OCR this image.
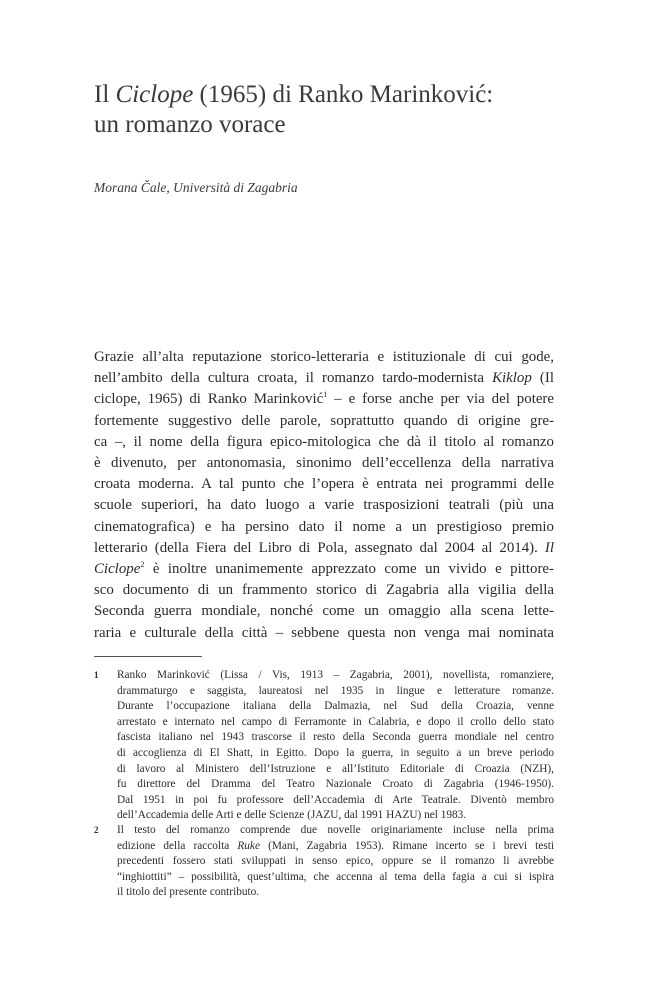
Il Ciclope (1965) di Ranko Marinković:
un romanzo vorace
Morana Čale, Università di Zagabria
Grazie all’alta reputazione storico-letteraria e istituzionale di cui gode,
nell’ambito della cultura croata, il romanzo tardo-modernista Kiklop (Il
ciclope, 1965) di Ranko Marinković$^1$ – e forse anche per via del potere
fortemente suggestivo delle parole, soprattutto quando di origine gre-
ca –, il nome della figura epico-mitologica che dà il titolo al romanzo
è divenuto, per antonomasia, sinonimo dell’eccellenza della narrativa
croata moderna. A tal punto che l’opera è entrata nei programmi delle
scuole superiori, ha dato luogo a varie trasposizioni teatrali (più una
cinematografica) e ha persino dato il nome a un prestigioso premio
letterario (della Fiera del Libro di Pola, assegnato dal 2004 al 2014). Il
Ciclope$^2$ è inoltre unanimemente apprezzato come un vivido e pittore-
sco documento di un frammento storico di Zagabria alla vigilia della
Seconda guerra mondiale, nonché come un omaggio alla scena lette-
raria e culturale della città – sebbene questa non venga mai nominata
1 Ranko Marinković (Lissa / Vis, 1913 – Zagabria, 2001), novellista, romanziere,
drammaturgo e saggista, laureatosi nel 1935 in lingue e letterature romanze.
Durante l’occupazione italiana della Dalmazia, nel Sud della Croazia, venne
arrestato e internato nel campo di Ferramonte in Calabria, e dopo il crollo dello stato
fascista italiano nel 1943 trascorse il resto della Seconda guerra mondiale nel centro
di accoglienza di El Shatt, in Egitto. Dopo la guerra, in seguito a un breve periodo
di lavoro al Ministero dell’Istruzione e all’Istituto Editoriale di Croazia (NZH),
fu direttore del Dramma del Teatro Nazionale Croato di Zagabria (1946-1950).
Dal 1951 in poi fu professore dell’Accademia di Arte Teatrale. Diventò membro
dell’Accademia delle Arti e delle Scienze (JAZU, dal 1991 HAZU) nel 1983.
2 Il testo del romanzo comprende due novelle originariamente incluse nella prima
edizione della raccolta Ruke (Mani, Zagabria 1953). Rimane incerto se i brevi testi
precedenti fossero stati sviluppati in senso epico, oppure se il romanzo li avrebbe
“inghiottiti” – possibilità, quest’ultima, che accenna al tema della fagia a cui si ispira
il titolo del presente contributo.
